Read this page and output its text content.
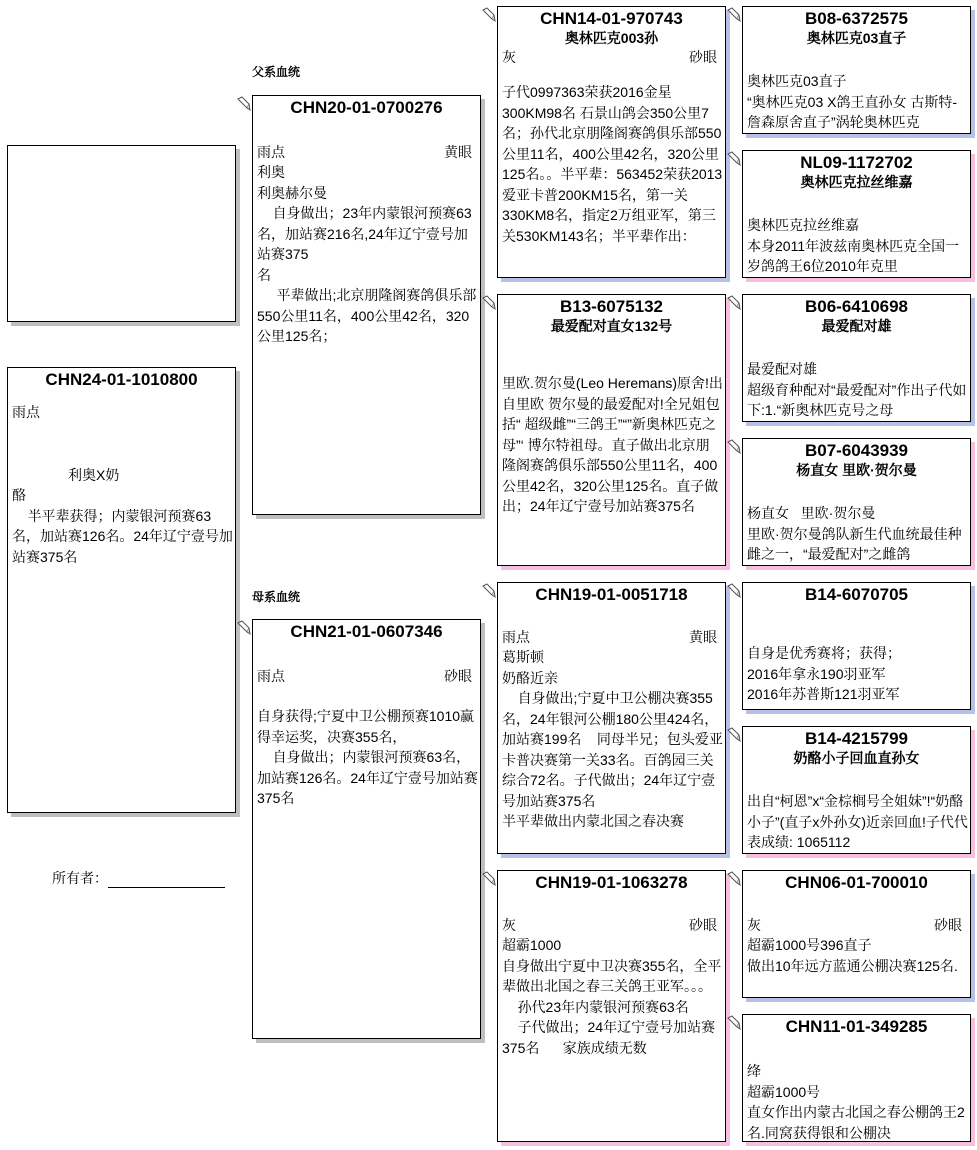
父系血统
母系血统
CHN24-01-1010800
雨点
利奥X奶
酪
半平辈获得；内蒙银河预赛63名，加站赛126名。24年辽宁壹号加站赛375名
所有者：
CHN20-01-0700276
雨点	黄眼
利奥
利奥赫尔曼
自身做出；23年内蒙银河预赛63名，加站赛216名,24年辽宁壹号加站赛375
名
平辈做出;北京朋隆阁赛鸽俱乐部550公里11名，400公里42名，320公里125名；
CHN21-01-0607346
雨点	砂眼
自身获得;宁夏中卫公棚预赛1010赢得幸运奖，决赛355名，
自身做出；内蒙银河预赛63名，加站赛126名。24年辽宁壹号加站赛375名
CHN14-01-970743
奥林匹克003孙
灰	砂眼
子代0997363荣获2016金星300KM98名 石景山鸽会350公里7名；孙代北京朋隆阁赛鸽俱乐部550公里11名，400公里42名，320公里125名。。半平辈：563452荣获2013爱亚卡普200KM15名，第一关330KM8名，指定2万组亚军，第三关530KM143名；半平辈作出：
B13-6075132
最爱配对直女132号
里欧.贺尔曼(Leo Heremans)原舍!出自里欧 贺尔曼的最爱配对!全兄姐包括“ 超级雌”“三鸽王”“”新奥林匹克之母”‘ 博尔特祖母。直子做出北京朋隆阁赛鸽俱乐部550公里11名，400公里42名，320公里125名。直子做出；24年辽宁壹号加站赛375名
CHN19-01-0051718
雨点	黄眼
葛斯顿
奶酪近亲
自身做出;宁夏中卫公棚决赛355名，24年银河公棚180公里424名，加站赛199名    同母半兄；包头爱亚卡普决赛第一关33名。百鸽园三关综合72名。子代做出；24年辽宁壹号加站赛375名
半平辈做出内蒙北国之春决赛
CHN19-01-1063278
灰	砂眼
超霸1000
自身做出宁夏中卫决赛355名，全平辈做出北国之春三关鸽王亚军。。。
孙代23年内蒙银河预赛63名
子代做出；24年辽宁壹号加站赛375名      家族成绩无数
B08-6372575
奥林匹克03直子
奥林匹克03直子
“奥林匹克03 X鸽王直孙女 古斯特-詹森原舍直子”涡轮奥林匹克
NL09-1172702
奥林匹克拉丝维嘉
奥林匹克拉丝维嘉
本身2011年波兹南奥林匹克全国一岁鸽鸽王6位2010年克里
B06-6410698
最爱配对雄
最爱配对雄
超级育种配对“最爱配对”作出子代如下:1.“新奥林匹克号之母
B07-6043939
杨直女 里欧·贺尔曼
杨直女   里欧·贺尔曼
里欧·贺尔曼鸽队新生代血统最佳种雌之一，“最爱配对”之雌鸽
B14-6070705
自身是优秀赛将；获得；
2016年拿永190羽亚军
2016年苏普斯121羽亚军
B14-4215799
奶酪小子回血直孙女
出自“柯恩”x“金棕榈号全姐妹”!“奶酪小子”(直子x外孙女)近亲回血!子代代表成绩: 1065112
CHN06-01-700010
灰	砂眼
超霸1000号396直子
做出10年远方蓝通公棚决赛125名.
CHN11-01-349285
绛
超霸1000号
直女作出内蒙古北国之春公棚鸽王2名.同窝获得银和公棚决
